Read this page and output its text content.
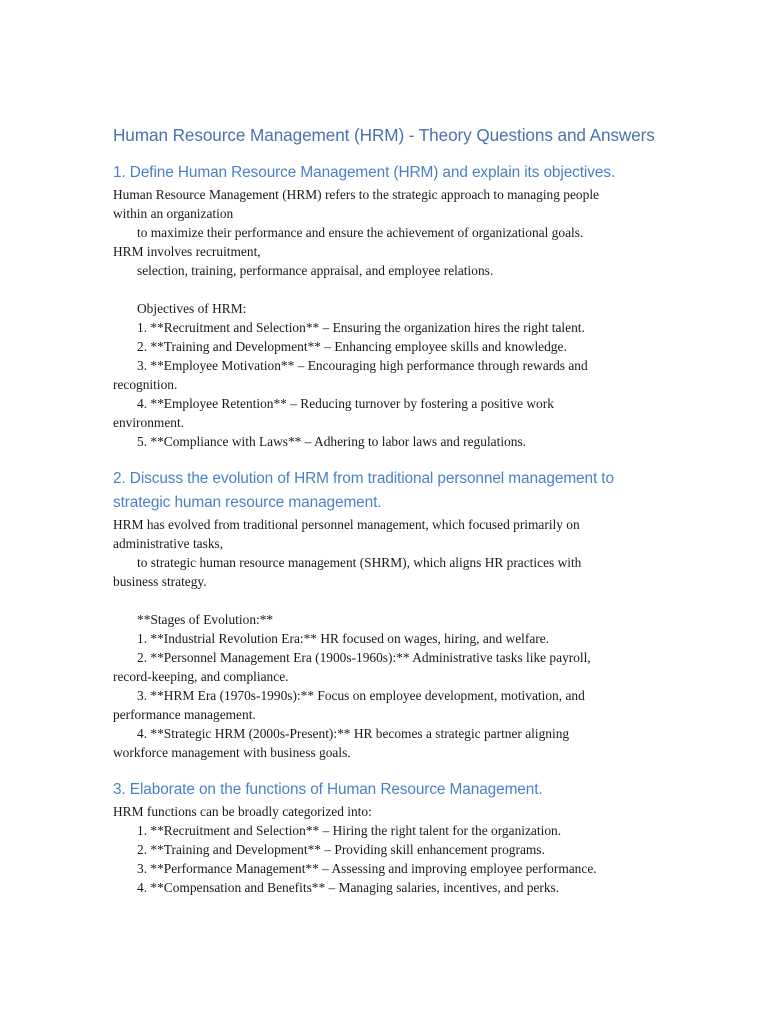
Human Resource Management (HRM) - Theory Questions and Answers
1. Define Human Resource Management (HRM) and explain its objectives.
Human Resource Management (HRM) refers to the strategic approach to managing people
within an organization
to maximize their performance and ensure the achievement of organizational goals.
HRM involves recruitment,
selection, training, performance appraisal, and employee relations.
Objectives of HRM:
1. **Recruitment and Selection** – Ensuring the organization hires the right talent.
2. **Training and Development** – Enhancing employee skills and knowledge.
3. **Employee Motivation** – Encouraging high performance through rewards and
recognition.
4. **Employee Retention** – Reducing turnover by fostering a positive work
environment.
5. **Compliance with Laws** – Adhering to labor laws and regulations.
2. Discuss the evolution of HRM from traditional personnel management to
strategic human resource management.
HRM has evolved from traditional personnel management, which focused primarily on
administrative tasks,
to strategic human resource management (SHRM), which aligns HR practices with
business strategy.
**Stages of Evolution:**
1. **Industrial Revolution Era:** HR focused on wages, hiring, and welfare.
2. **Personnel Management Era (1900s-1960s):** Administrative tasks like payroll,
record-keeping, and compliance.
3. **HRM Era (1970s-1990s):** Focus on employee development, motivation, and
performance management.
4. **Strategic HRM (2000s-Present):** HR becomes a strategic partner aligning
workforce management with business goals.
3. Elaborate on the functions of Human Resource Management.
HRM functions can be broadly categorized into:
1. **Recruitment and Selection** – Hiring the right talent for the organization.
2. **Training and Development** – Providing skill enhancement programs.
3. **Performance Management** – Assessing and improving employee performance.
4. **Compensation and Benefits** – Managing salaries, incentives, and perks.
